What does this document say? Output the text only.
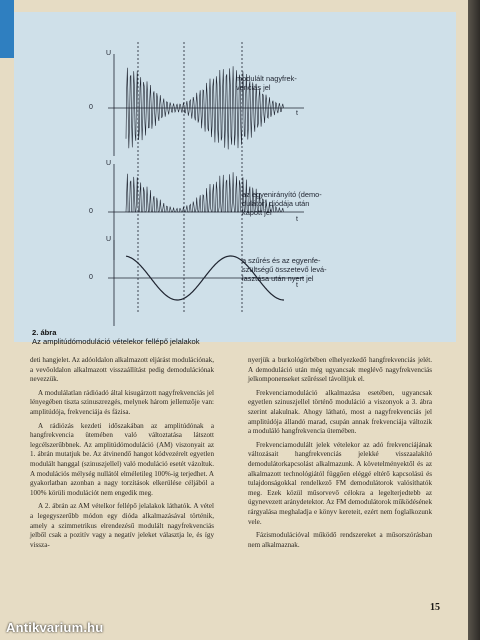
U
0
t
U
0
t
U
0
t
modulált nagyfrek-
venciás jel
az egyenirányító (demo-
dulátor) diódája után
kapott jel
a szűrés és az egyenfe-
szültségű összetevő levá-
lasztása után nyert jel
2. ábra
Az amplitúdómoduláció vételekor fellépő jelalakok

deti hangjelet. Az adóoldalon alkalmazott eljárást modulációnak, a vevőoldalon alkalmazott visszaállítást pedig demodulációnak nevezzük.

A modulálatlan rádióadó által kisugárzott nagyfrekvenciás jel lényegében tiszta szinuszrezgés, melynek három jellemzője van: amplitúdója, frekvenciája és fázisa.

A rádiózás kezdeti időszakában az amplitúdónak a hangfrekvencia ütemében való változtatása látszott legcélszerűbbnek. Az amplitúdómoduláció (AM) viszonyait az 1. ábrán mutatjuk be. Az átvinendő hangot kódvezérelt egyetlen modulált hanggal (szinuszjellel) való moduláció esetét vázoltuk. A modulációs mélység nullától elméletileg 100%-ig terjedhet. A gyakorlatban azonban a nagy torzítások elkerülése céljából a 100% körüli modulációt nem engedik meg.

A 2. ábrán az AM vételkor fellépő jelalakok láthatók. A vétel a legegyszerűbb módon egy dióda alkalmazásával történik, amely a szimmetrikus elrendezésű modulált nagyfrekvenciás jelből csak a pozitív vagy a negatív jeleket választja le, és így vissza-

nyerjük a burkológörbében elhelyezkedő hangfrekvenciás jelét. A demoduláció után még ugyancsak meglévő nagyfrekvenciás jelkomponenseket szűréssel távolítjuk el.

Frekvenciamoduláció alkalmazása esetében, ugyancsak egyetlen szinuszjellel történő moduláció a viszonyok a 3. ábra szerint alakulnak. Ahogy látható, most a nagyfrekvenciás jel amplitúdója állandó marad, csupán annak frekvenciája változik a moduláló hangfrekvencia ütemében.

Frekvenciamodulált jelek vételekor az adó frekvenciájának változásait hangfrekvenciás jelekké visszaalakító demodulátorkapcsolást alkalmazunk. A követelményektől és az alkalmazott technológiától függően eléggé eltérő kapcsolású és tulajdonságokkal rendelkező FM demodulátorok valósíthatók meg. Ezek közül műsorvevő célokra a legelterjedtebb az úgynevezett aránydetektor. Az FM demodulátorok működésének rárgyalása meghaladja e könyv kereteit, ezért nem foglalkozunk vele.

Fázismodulációval működő rendszereket a műsorszórásban nem alkalmaznak.

15
Antikvarium.hu
